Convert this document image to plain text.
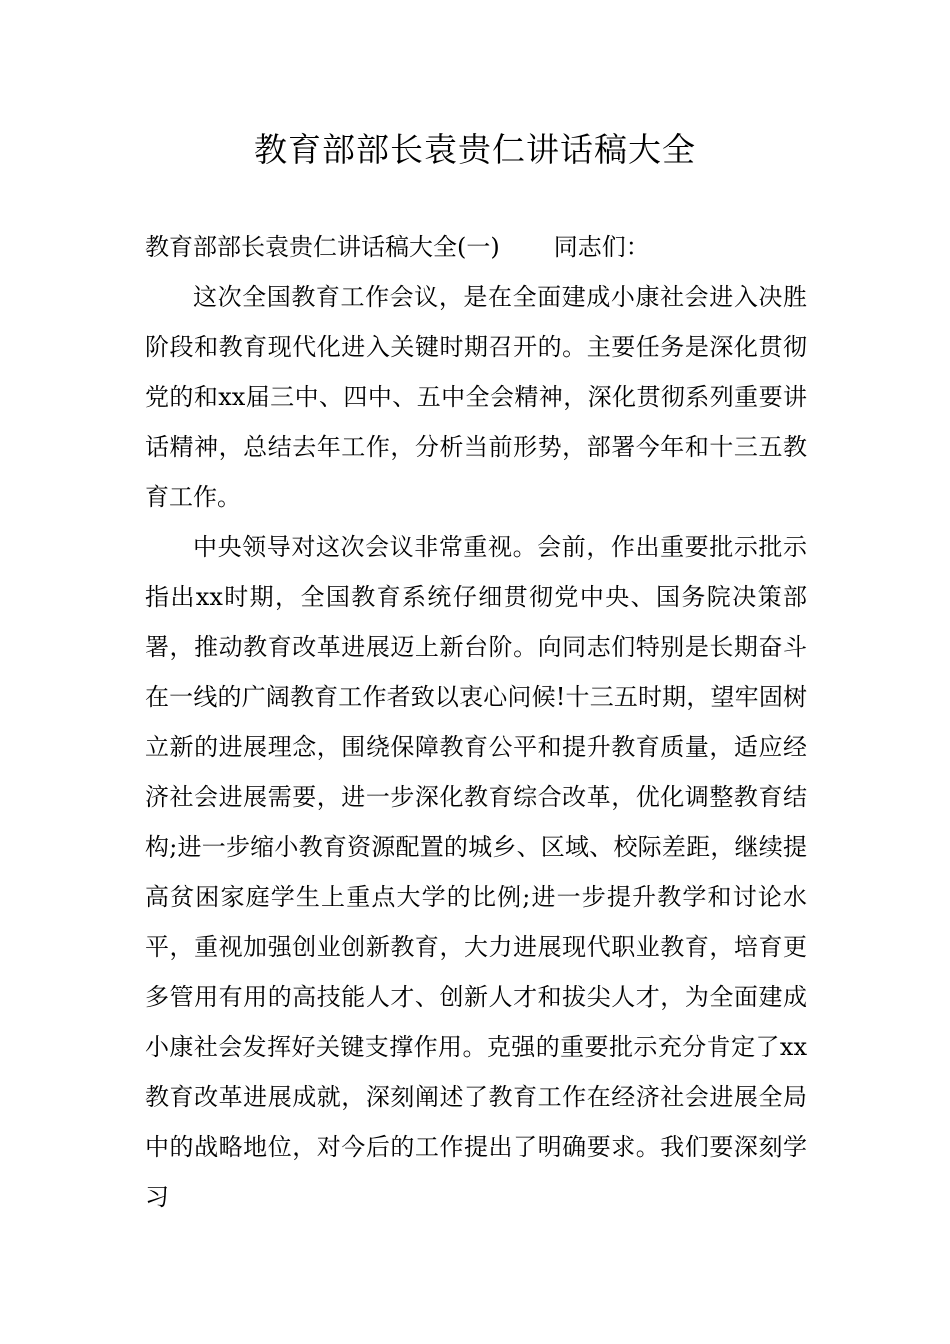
教育部部长袁贵仁讲话稿大全

教育部部长袁贵仁讲话稿大全(一) 同志们：

这次全国教育工作会议，是在全面建成小康社会进入决胜阶段和教育现代化进入关键时期召开的。主要任务是深化贯彻党的和xx届三中、四中、五中全会精神，深化贯彻系列重要讲话精神，总结去年工作，分析当前形势，部署今年和十三五教育工作。

中央领导对这次会议非常重视。会前，作出重要批示批示指出xx时期，全国教育系统仔细贯彻党中央、国务院决策部署，推动教育改革进展迈上新台阶。向同志们特别是长期奋斗在一线的广阔教育工作者致以衷心问候!十三五时期，望牢固树立新的进展理念，围绕保障教育公平和提升教育质量，适应经济社会进展需要，进一步深化教育综合改革，优化调整教育结构;进一步缩小教育资源配置的城乡、区域、校际差距，继续提高贫困家庭学生上重点大学的比例;进一步提升教学和讨论水平，重视加强创业创新教育，大力进展现代职业教育，培育更多管用有用的高技能人才、创新人才和拔尖人才，为全面建成小康社会发挥好关键支撑作用。克强的重要批示充分肯定了xx教育改革进展成就，深刻阐述了教育工作在经济社会进展全局中的战略地位，对今后的工作提出了明确要求。我们要深刻学习
